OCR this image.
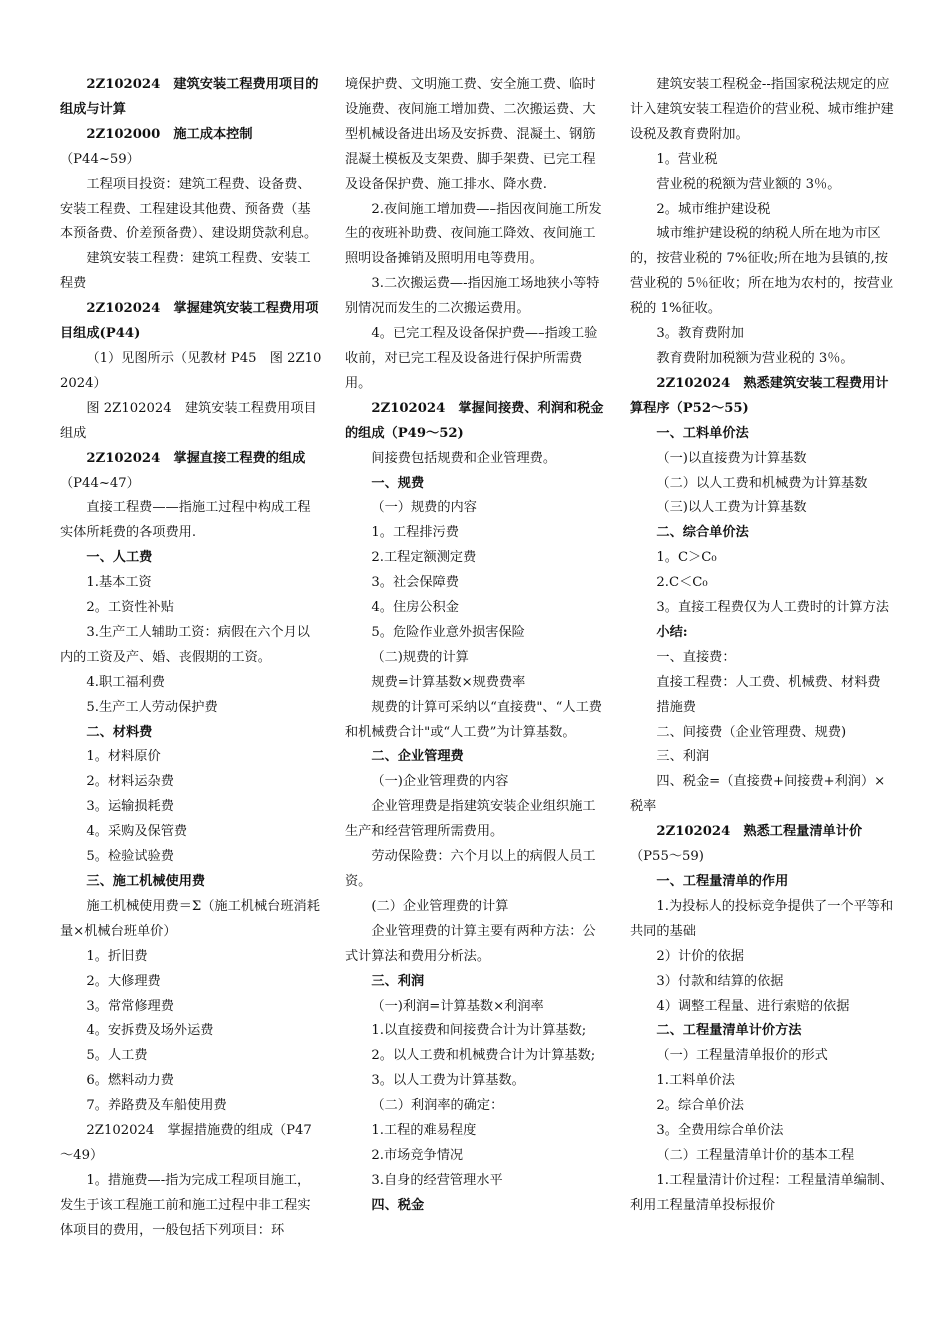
2Z102024　建筑安装工程费用项目的组成与计算

2Z102000　施工成本控制

（P44~59）

工程项目投资：建筑工程费、设备费、安装工程费、工程建设其他费、预备费（基本预备费、价差预备费）、建设期贷款利息。

建筑安装工程费：建筑工程费、安装工程费

2Z102024　掌握建筑安装工程费用项目组成(P44)

（1）见图所示（见教材 P45　图 2Z102024）

图 2Z102024　建筑安装工程费用项目组成

2Z102024　掌握直接工程费的组成

（P44~47）

直接工程费——指施工过程中构成工程实体所耗费的各项费用.

一、人工费

1.基本工资

2。工资性补贴

3.生产工人辅助工资：病假在六个月以内的工资及产、婚、丧假期的工资。

4.职工福利费

5.生产工人劳动保护费

二、材料费

1。材料原价

2。材料运杂费

3。运输损耗费

4。采购及保管费

5。检验试验费

三、施工机械使用费

施工机械使用费＝Σ（施工机械台班消耗量×机械台班单价）

1。折旧费

2。大修理费

3。常常修理费

4。安拆费及场外运费

5。人工费

6。燃料动力费

7。养路费及车船使用费

2Z102024　掌握措施费的组成（P47～49）

1。措施费—-指为完成工程项目施工，发生于该工程施工前和施工过程中非工程实体项目的费用，一般包括下列项目：环

境保护费、文明施工费、安全施工费、临时设施费、夜间施工增加费、二次搬运费、大型机械设备进出场及安拆费、混凝土、钢筋混凝土模板及支架费、脚手架费、已完工程及设备保护费、施工排水、降水费.

2.夜间施工增加费—–指因夜间施工所发生的夜班补助费、夜间施工降效、夜间施工照明设备摊销及照明用电等费用。

3.二次搬运费—-指因施工场地狭小等特别情况而发生的二次搬运费用。

4。已完工程及设备保护费—–指竣工验收前，对已完工程及设备进行保护所需费用。

2Z102024　掌握间接费、利润和税金的组成（P49～52)

间接费包括规费和企业管理费。

一、规费

（一）规费的内容

1。工程排污费

2.工程定额测定费

3。社会保障费

4。住房公积金

5。危险作业意外损害保险

（二)规费的计算

规费=计算基数×规费费率

规费的计算可采纳以“直接费"、“人工费和机械费合计"或“人工费”为计算基数。

二、企业管理费

（一)企业管理费的内容

企业管理费是指建筑安装企业组织施工生产和经营管理所需费用。

劳动保险费：六个月以上的病假人员工资。

(二）企业管理费的计算

企业管理费的计算主要有两种方法：公式计算法和费用分析法。

三、利润

（一)利润=计算基数×利润率

1.以直接费和间接费合计为计算基数;

2。以人工费和机械费合计为计算基数;

3。以人工费为计算基数。

（二）利润率的确定：

1.工程的难易程度

2.市场竞争情况

3.自身的经营管理水平

四、税金

建筑安装工程税金--指国家税法规定的应计入建筑安装工程造价的营业税、城市维护建设税及教育费附加。

1。营业税

营业税的税额为营业额的 3％。

2。城市维护建设税

城市维护建设税的纳税人所在地为市区的，按营业税的 7%征收;所在地为县镇的,按营业税的 5％征收；所在地为农村的，按营业税的 1%征收。

3。教育费附加

教育费附加税额为营业税的 3％。

2Z102024　熟悉建筑安装工程费用计算程序（P52～55)

一、工料单价法

（一)以直接费为计算基数

（二）以人工费和机械费为计算基数

（三)以人工费为计算基数

二、综合单价法

1。C＞C₀

2.C＜C₀

3。直接工程费仅为人工费时的计算方法

小结:

一、直接费：

直接工程费：人工费、机械费、材料费

措施费

二、间接费（企业管理费、规费)

三、利润

四、税金=（直接费+间接费+利润）×税率

2Z102024　熟悉工程量清单计价

（P55～59)

一、工程量清单的作用

1.为投标人的投标竞争提供了一个平等和共同的基础

2）计价的依据

3）付款和结算的依据

4）调整工程量、进行索赔的依据

二、工程量清单计价方法

（一）工程量清单报价的形式

1.工料单价法

2。综合单价法

3。全费用综合单价法

（二）工程量清单计价的基本工程

1.工程量清计价过程：工程量清单编制、利用工程量清单投标报价
